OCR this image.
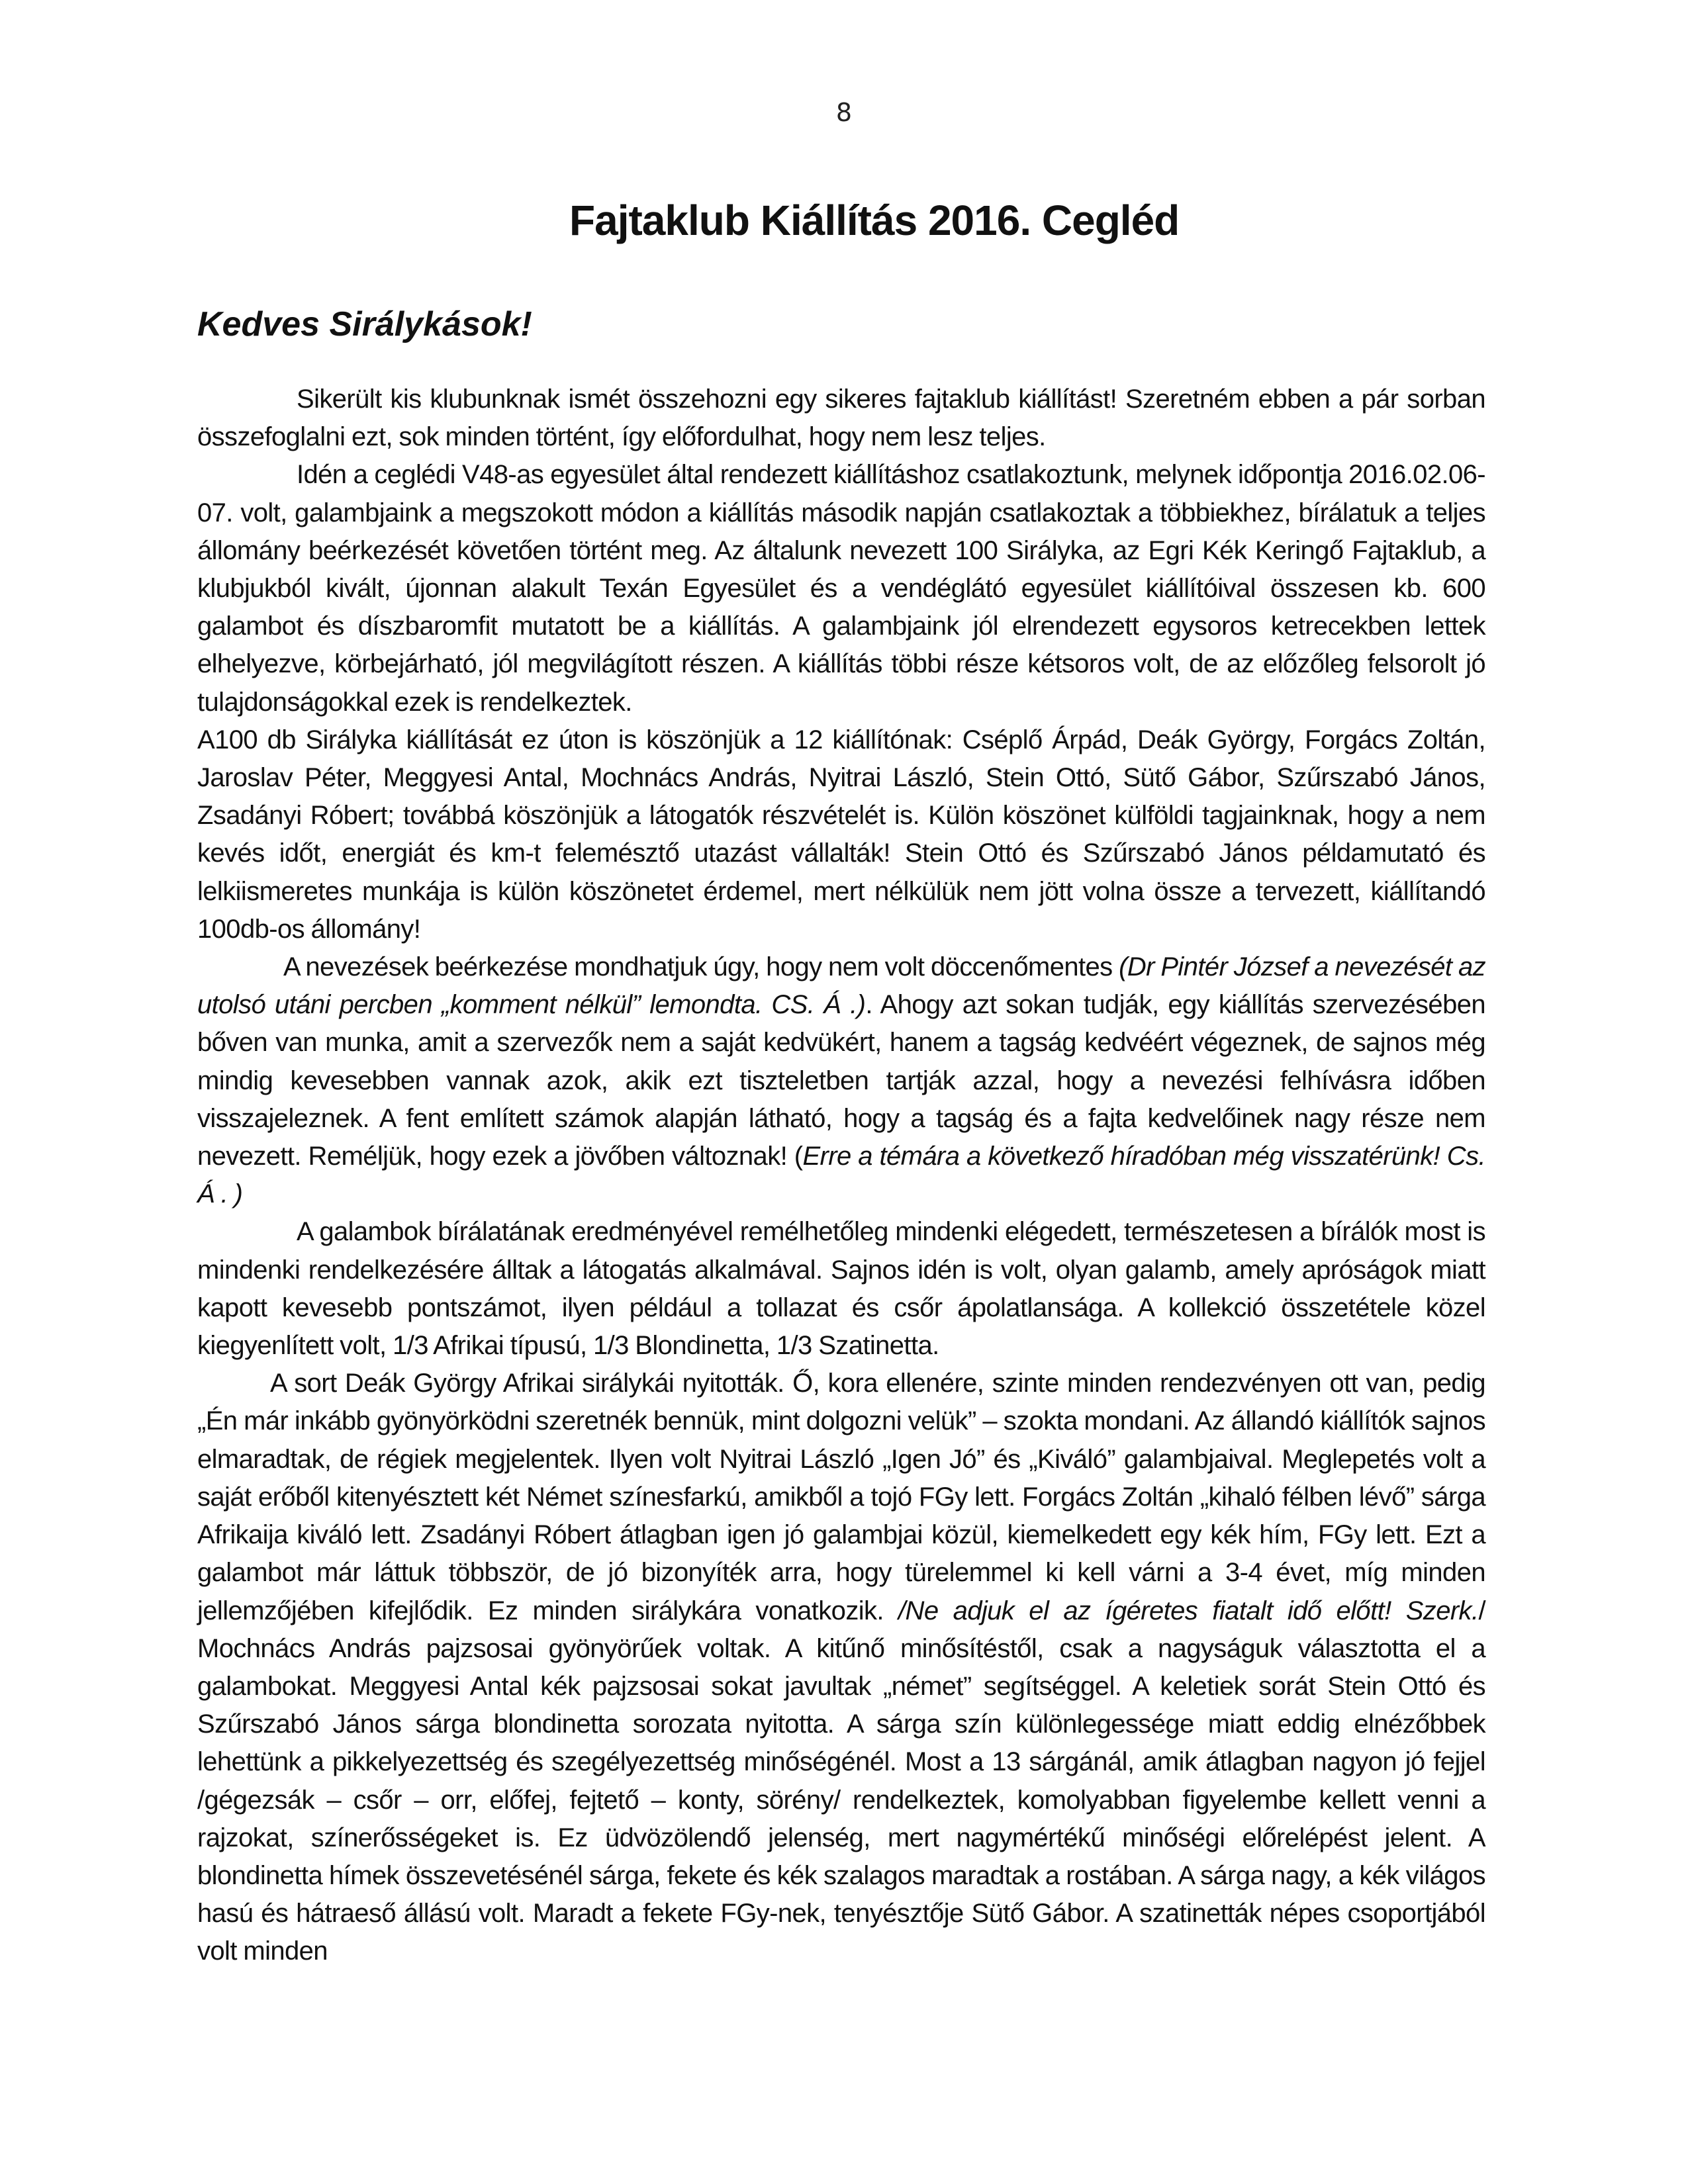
8
Fajtaklub Kiállítás 2016. Cegléd
Kedves Sirálykások!

Sikerült kis klubunknak ismét összehozni egy sikeres fajtaklub kiállítást! Szeretném ebben a pár sorban összefoglalni ezt, sok minden történt, így előfordulhat, hogy nem lesz teljes.

Idén a ceglédi V48-as egyesület által rendezett kiállításhoz csatlakoztunk, melynek időpontja 2016.02.06-07. volt, galambjaink a megszokott módon a kiállítás második napján csatlakoztak a többiekhez, bírálatuk a teljes állomány beérkezését követően történt meg. Az általunk nevezett 100 Sirályka, az Egri Kék Keringő Fajtaklub, a klubjukból kivált, újonnan alakult Texán Egyesület és a vendéglátó egyesület kiállítóival összesen kb. 600 galambot és díszbaromfit mutatott be a kiállítás. A galambjaink jól elrendezett egysoros ketrecekben lettek elhelyezve, körbejárható, jól megvilágított részen. A kiállítás többi része kétsoros volt, de az előzőleg felsorolt jó tulajdonságokkal ezek is rendelkeztek.

A100 db Sirályka kiállítását ez úton is köszönjük a 12 kiállítónak: Cséplő Árpád, Deák György, Forgács Zoltán, Jaroslav Péter, Meggyesi Antal, Mochnács András, Nyitrai László, Stein Ottó, Sütő Gábor, Szűrszabó János, Zsadányi Róbert; továbbá köszönjük a látogatók részvételét is. Külön köszönet külföldi tagjainknak, hogy a nem kevés időt, energiát és km-t felemésztő utazást vállalták! Stein Ottó és Szűrszabó János példamutató és lelkiismeretes munkája is külön köszönetet érdemel, mert nélkülük nem jött volna össze a tervezett, kiállítandó 100db-os állomány!

A nevezések beérkezése mondhatjuk úgy, hogy nem volt döccenőmentes (Dr Pintér József a nevezését az utolsó utáni percben „komment nélkül” lemondta. CS. Á .). Ahogy azt sokan tudják, egy kiállítás szervezésében bőven van munka, amit a szervezők nem a saját kedvükért, hanem a tagság kedvéért végeznek, de sajnos még mindig kevesebben vannak azok, akik ezt tiszteletben tartják azzal, hogy a nevezési felhívásra időben visszajeleznek. A fent említett számok alapján látható, hogy a tagság és a fajta kedvelőinek nagy része nem nevezett. Reméljük, hogy ezek a jövőben változnak! (Erre a témára a következő híradóban még visszatérünk! Cs. Á . )

A galambok bírálatának eredményével remélhetőleg mindenki elégedett, természetesen a bírálók most is mindenki rendelkezésére álltak a látogatás alkalmával. Sajnos idén is volt, olyan galamb, amely apróságok miatt kapott kevesebb pontszámot, ilyen például a tollazat és csőr ápolatlansága. A kollekció összetétele közel kiegyenlített volt, 1/3 Afrikai típusú, 1/3 Blondinetta, 1/3 Szatinetta.

A sort Deák György Afrikai sirálykái nyitották. Ő, kora ellenére, szinte minden rendezvényen ott van, pedig „Én már inkább gyönyörködni szeretnék bennük, mint dolgozni velük” – szokta mondani. Az állandó kiállítók sajnos elmaradtak, de régiek megjelentek. Ilyen volt Nyitrai László „Igen Jó” és „Kiváló” galambjaival. Meglepetés volt a saját erőből kitenyésztett két Német színesfarkú, amikből a tojó FGy lett. Forgács Zoltán „kihaló félben lévő” sárga Afrikaija kiváló lett. Zsadányi Róbert átlagban igen jó galambjai közül, kiemelkedett egy kék hím, FGy lett. Ezt a galambot már láttuk többször, de jó bizonyíték arra, hogy türelemmel ki kell várni a 3-4 évet, míg minden jellemzőjében kifejlődik. Ez minden sirálykára vonatkozik. /Ne adjuk el az ígéretes fiatalt idő előtt! Szerk./ Mochnács András pajzsosai gyönyörűek voltak. A kitűnő minősítéstől, csak a nagyságuk választotta el a galambokat. Meggyesi Antal kék pajzsosai sokat javultak „német” segítséggel. A keletiek sorát Stein Ottó és Szűrszabó János sárga blondinetta sorozata nyitotta. A sárga szín különlegessége miatt eddig elnézőbbek lehettünk a pikkelyezettség és szegélyezettség minőségénél. Most a 13 sárgánál, amik átlagban nagyon jó fejjel /gégezsák – csőr – orr, előfej, fejtető – konty, sörény/ rendelkeztek, komolyabban figyelembe kellett venni a rajzokat, színerősségeket is. Ez üdvözölendő jelenség, mert nagymértékű minőségi előrelépést jelent. A blondinetta hímek összevetésénél sárga, fekete és kék szalagos maradtak a rostában. A sárga nagy, a kék világos hasú és hátraeső állású volt. Maradt a fekete FGy-nek, tenyésztője Sütő Gábor. A szatinetták népes csoportjából volt minden
